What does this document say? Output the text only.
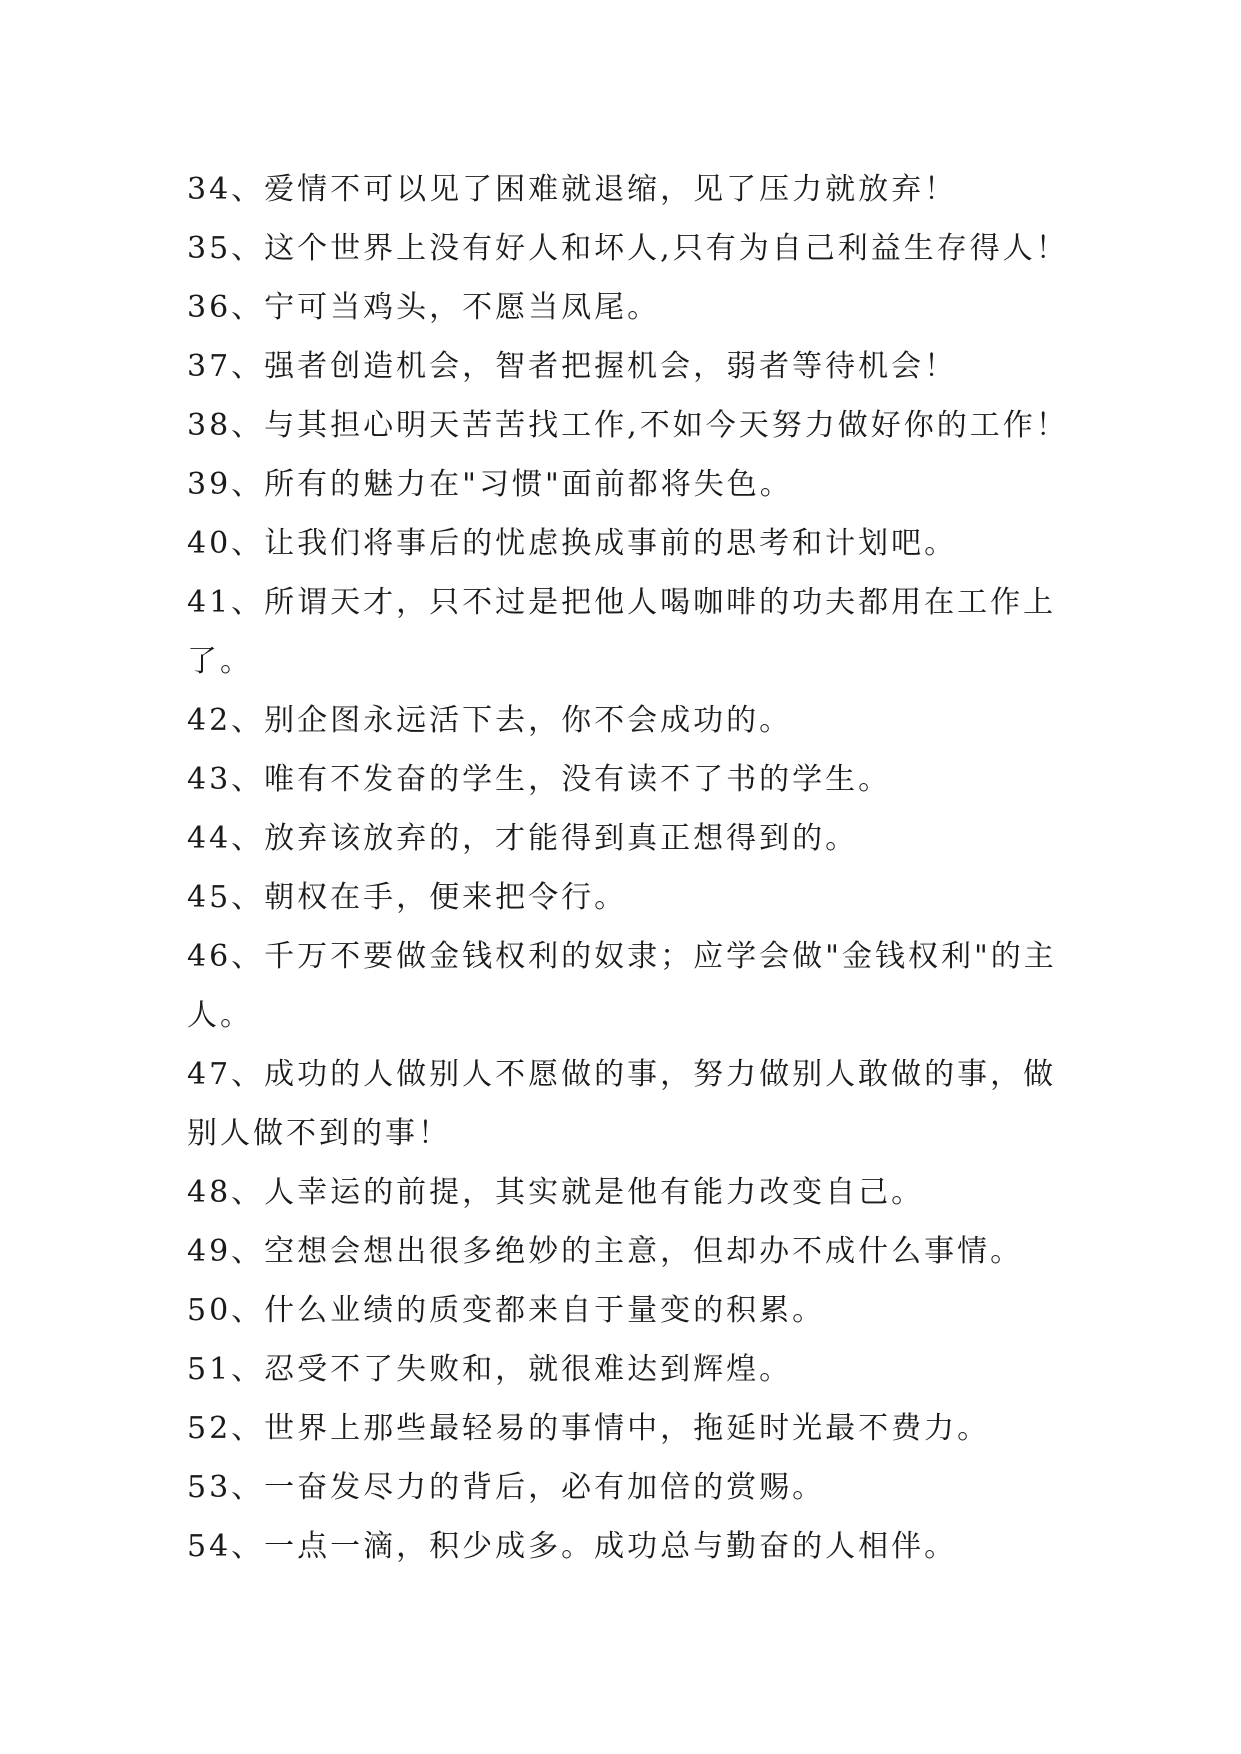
34、爱情不可以见了困难就退缩，见了压力就放弃！

35、这个世界上没有好人和坏人,只有为自己利益生存得人！

36、宁可当鸡头，不愿当凤尾。

37、强者创造机会，智者把握机会，弱者等待机会！

38、与其担心明天苦苦找工作,不如今天努力做好你的工作！

39、所有的魅力在"习惯"面前都将失色。

40、让我们将事后的忧虑换成事前的思考和计划吧。

41、所谓天才，只不过是把他人喝咖啡的功夫都用在工作上

了。

42、别企图永远活下去，你不会成功的。

43、唯有不发奋的学生，没有读不了书的学生。

44、放弃该放弃的，才能得到真正想得到的。

45、朝权在手，便来把令行。

46、千万不要做金钱权利的奴隶；应学会做"金钱权利"的主

人。

47、成功的人做别人不愿做的事，努力做别人敢做的事，做

别人做不到的事！

48、人幸运的前提，其实就是他有能力改变自己。

49、空想会想出很多绝妙的主意，但却办不成什么事情。

50、什么业绩的质变都来自于量变的积累。

51、忍受不了失败和，就很难达到辉煌。

52、世界上那些最轻易的事情中，拖延时光最不费力。

53、一奋发尽力的背后，必有加倍的赏赐。

54、一点一滴，积少成多。成功总与勤奋的人相伴。
